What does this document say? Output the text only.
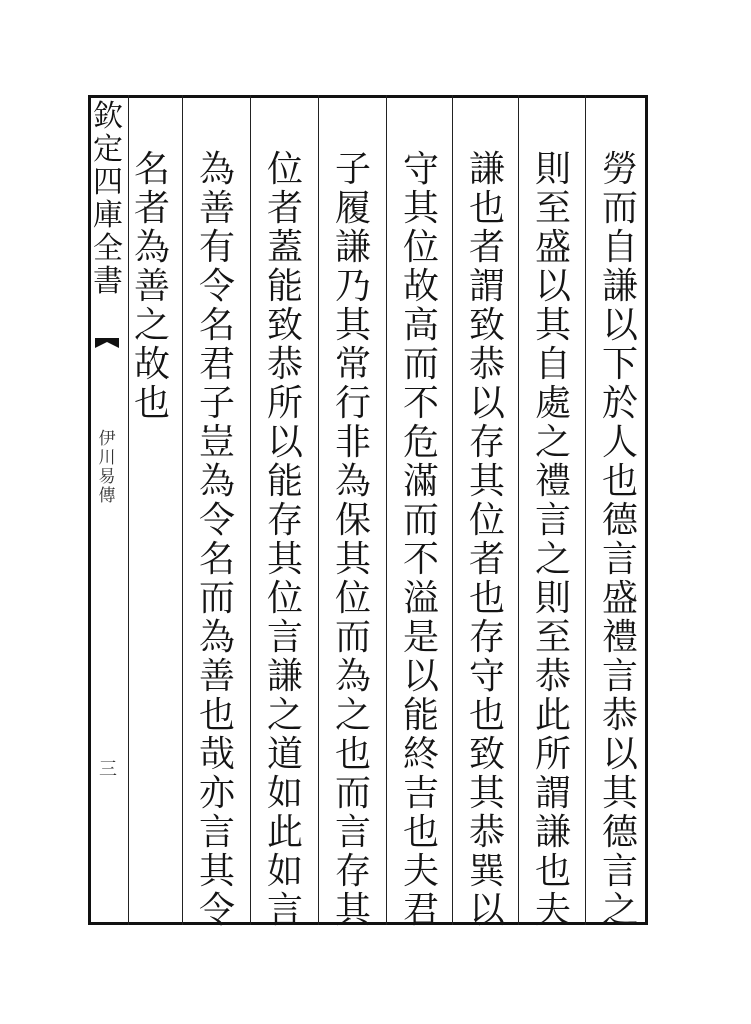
欽定四庫全書
伊川易傳
三
勞
而
自
謙
以
下
於
人
也
德
言
盛
禮
言
恭
以
其
德
言
之
則
至
盛
以
其
自
處
之
禮
言
之
則
至
恭
此
所
謂
謙
也
夫
謙
也
者
謂
致
恭
以
存
其
位
者
也
存
守
也
致
其
恭
巽
以
守
其
位
故
高
而
不
危
滿
而
不
溢
是
以
能
終
吉
也
夫
君
子
履
謙
乃
其
常
行
非
為
保
其
位
而
為
之
也
而
言
存
其
位
者
蓋
能
致
恭
所
以
能
存
其
位
言
謙
之
道
如
此
如
言
為
善
有
令
名
君
子
豈
為
令
名
而
為
善
也
哉
亦
言
其
令
名
者
為
善
之
故
也
